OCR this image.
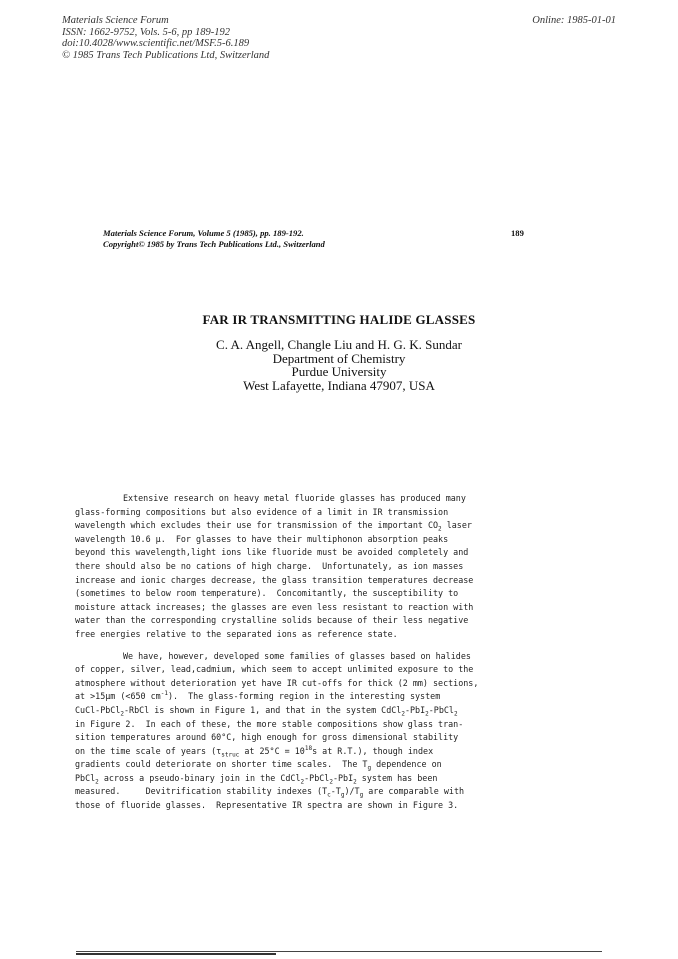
Materials Science Forum
ISSN: 1662-9752, Vols. 5-6, pp 189-192
doi:10.4028/www.scientific.net/MSF.5-6.189
© 1985 Trans Tech Publications Ltd, Switzerland
Online: 1985-01-01
Materials Science Forum, Volume 5 (1985), pp. 189-192.
Copyright© 1985 by Trans Tech Publications Ltd., Switzerland
189
FAR IR TRANSMITTING HALIDE GLASSES
C. A. Angell, Changle Liu and H. G. K. Sundar
Department of Chemistry
Purdue University
West Lafayette, Indiana 47907, USA
Extensive research on heavy metal fluoride glasses has produced many
glass-forming compositions but also evidence of a limit in IR transmission
wavelength which excludes their use for transmission of the important $CO_2$ laser
wavelength 10.6 μ.  For glasses to have their multiphonon absorption peaks
beyond this wavelength,light ions like fluoride must be avoided completely and
there should also be no cations of high charge.  Unfortunately, as ion masses
increase and ionic charges decrease, the glass transition temperatures decrease
(sometimes to below room temperature).  Concomitantly, the susceptibility to
moisture attack increases; the glasses are even less resistant to reaction with
water than the corresponding crystalline solids because of their less negative
free energies relative to the separated ions as reference state.
We have, however, developed some families of glasses based on halides
of copper, silver, lead,cadmium, which seem to accept unlimited exposure to the
atmosphere without deterioration yet have IR cut-offs for thick (2 mm) sections,
at >15μm (<650 $cm^{-1}$).  The glass-forming region in the interesting system
CuCl-PbCl$_2$-RbCl is shown in Figure 1, and that in the system CdCl$_2$-PbI$_2$-PbCl$_2$
in Figure 2.  In each of these, the more stable compositions show glass tran-
sition temperatures around 60°C, high enough for gross dimensional stability
on the time scale of years ($\tau_{struc}$ at $25^\circ C = 10^{18}s$ at R.T.), though index
gradients could deteriorate on shorter time scales.  The $T_g$ dependence on
PbCl$_2$ across a pseudo-binary join in the CdCl$_2$-PbCl$_2$-PbI$_2$ system has been
measured.     Devitrification stability indexes $(T_c-T_g)/T_g$ are comparable with
those of fluoride glasses.  Representative IR spectra are shown in Figure 3.
